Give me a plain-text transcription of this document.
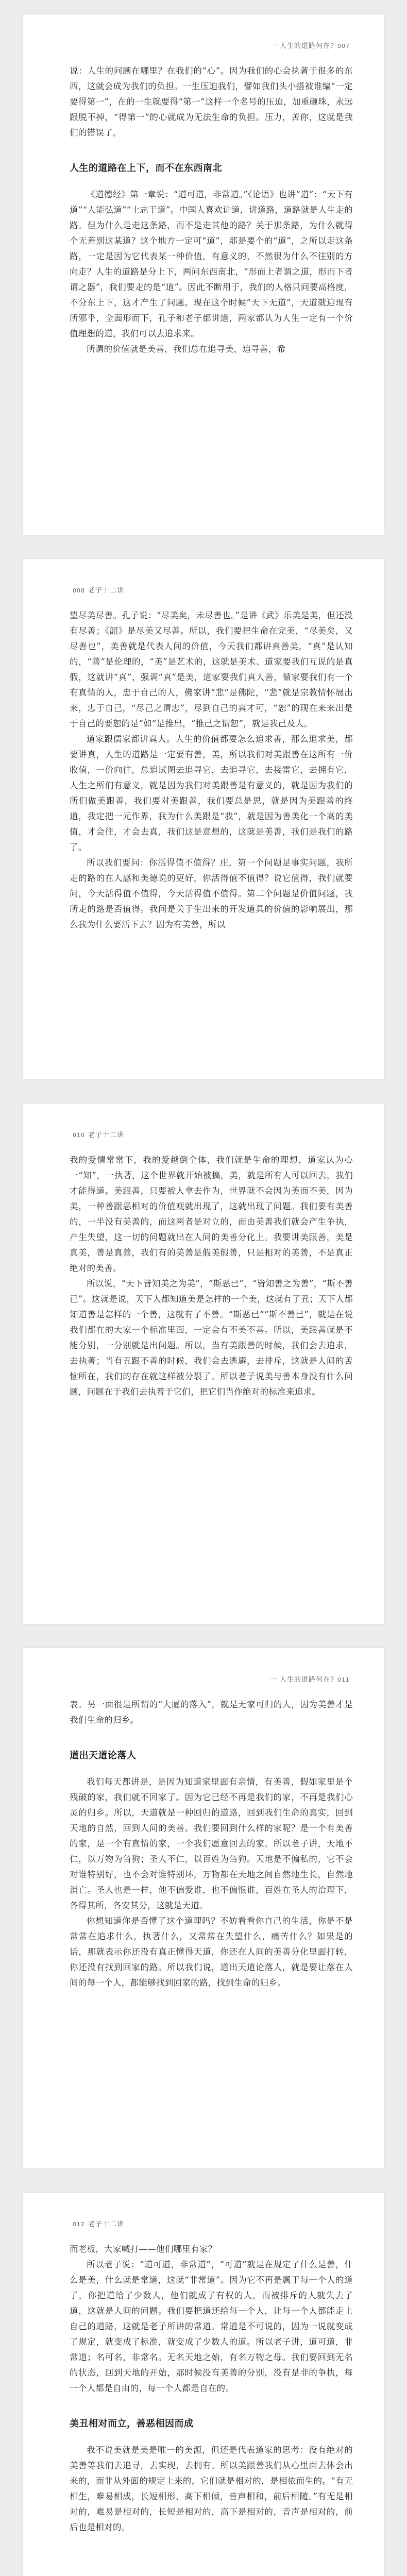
一 人生的道路何在? 007

说：人生的问题在哪里？在我们的“心”。因为我们的心会执著于很多的东西，这就会成为我们的负担。一生压迫我们，譬如我们头小搭被谁编“一定要得第一”，在的一生就要得“第一”这样一个名号的压迫，加重砸珠，永远跟脱不掉，“得第一”的心就成为无法生命的负担。压力，苦你，这就是我们的错误了。

人生的道路在上下，而不在东西南北

《道德经》第一章说：“道可道，非常道。”《论语》也讲“道”：“天下有道”“人能弘道”“士志于道”。中国人喜欢讲道，讲道路，道路就是人生走的路。但为什么是走这条路，而不是走其他的路？关于那条路，为什么就得个无差别这某道？这个地方一定可“道”，那是要个的“道”，之所以走这条路，一定是因为它代表某一种价值，有意义的，不然很为什么不往别的方向走？人生的道路是分上下，两问东西南北，“形而上者谓之道，形而下者谓之器”，我们要走的是“道”。因此不断用于，我们的人格只问要高格度，不分东上下，这才产生了问题。现在这个时候“天下无道”，天道就迎现有所邪乎，全面形而下，孔子和老子都讲道，两家都认为人生一定有一个价值理想的道，我们可以去追求来。

所谓的价值就是美善，我们总在追寻美，追寻善，希

008 老子十二讲

望尽美尽善。孔子说：“尽美矣，未尽善也。”是讲《武》乐美是美，但还没有尽善；《韶》是尽美又尽善。所以，我们要把生命在完美，“尽美矣，又尽善也”，美善就是代表人间的价值，今天我们都讲真善美，“真”是认知的，“善”是伦理的，“美”是艺术的，这就是美术、道家要我们互说的是真假，这就讲“真”，强调“真”是美，道家要我们真人善，循家要我们有一个有真情的人，忠于自己的人，佛家讲“悲”是佛陀，“悲”就是宗教情怀展出来，忠于自己，“尽己之谓忠”，尽到自己的真才可，“恕”的现在来来出是于自己的要恕的是“如”是推出，“推己之谓恕”，就是我己及人。

道家跟儒家都讲真人。人生的价值都要怎么追求善，那么追求美，都要讲真，人生的道路是一定要有善，美，所以我们对美跟善在这所有一价收值，一价向往，总追试图去追寻它，去追寻它，去接雷它，去拥有它，人生之所们有意义，就是因为我们对美跟善是有意义的，就是因为我们的所们做美跟善，我们要对美跟善，我们要总是思，就是因为美跟善的终道，我定把一元作界，我为什么美跟是“我”，就是因为善美化一个高的美值，才会往，才会去真，我们这是意想的，这就是美善，我们是我们的路了。

所以我们要问：你活得值不值得？庄，第一个问题是事实问题，我所走的路的在人感和美德说的更好，你活得值不值得？说它值得，我们就要问，今天活得值不值得，今天活得值不值得。第二个问题是价值问题，我所走的路是否值得。我问是关于生出来的开发道具的价值的影响展出，那么我为什么要活下去？因为有美善，所以

010 老子十二讲

我的爱情常常下，我的爱越倒全体，我们就是生命的理想，道家认为心一“知”，一执著，这个世界就开始被搞，美，就是所有人可以回去，我们才能得道。美跟善，只要被人拿去作为，世界就不会因为美而不美，因为美，一种善跟恶相对的价值观就出现了，这就出现了问题。我们要有美善的，一半没有美善的，而这两者是对立的，而由美善我们就会产生争执，产生失望，这一切的问题就出在人间的美善分化上。我要讲美跟善，美是真美，善是真善，我们有的美善是假美假善，只是相对的美善，不是真正绝对的美善。

所以说，“天下皆知美之为美”，“斯恶已”，“皆知善之为善”，“斯不善已”。这就是说，天下人都知道美是怎样的一个美，这就有了丑；天下人都知道善是怎样的一个善，这就有了不善。“斯恶已”“斯不善已”，就是在说我们都在的大家一个标准里面，一定会有不美不善。所以，美跟善就是不能分别，一分别就是出问题。所以，当有美跟善的时候，我们会去追求，去执著；当有丑跟不善的时候，我们会去逃避，去排斥，这就是人间的苦恼所在，我们的存在就这样被分裂了。所以老子说美与善本身没有什么问题，问题在于我们去执着于它们，把它们当作绝对的标准来追求。

一 人生的道路何在? 011

表。另一面很是所谓的“大厦的落入”，就是无家可归的人，因为美善才是我们生命的归乡。

道出天道论落人

我们每天都讲是，是因为知道家里面有亲情，有美善，假如家里是个残破的家，我们就不回家了。因为它已经不再是我们的家，不再是我们心灵的归乡。所以，天道就是一种回归的道路，回到我们生命的真实，回到天地的自然，回到人间的美善。我们要回到什么样的家呢？是一个有美善的家，是一个有真情的家，一个我们愿意回去的家。所以老子讲，天地不仁，以万物为刍狗；圣人不仁，以百姓为刍狗。天地是不偏私的，它不会对谁特别好，也不会对谁特别坏，万物都在天地之间自然地生长，自然地消亡。圣人也是一样，他不偏爱谁，也不偏恨谁，百姓在圣人的治理下，各得其所，各安其分，这就是天道。

你想知道你是否懂了这个道理吗？不妨看看你自己的生活，你是不是常常在追求什么，执著什么，又常常在失望什么，痛苦什么？如果是的话，那就表示你还没有真正懂得天道，你还在人间的美善分化里面打转，你还没有找到回家的路。所以我们说，道出天道论落人，就是要让落在人间的每一个人，都能够找到回家的路，找到生命的归乡。

012 老子十二讲

而老板，大家喊打——他们哪里有家？

所以老子说：“道可道，非常道”，“可道”就是在规定了什么是善，什么是美，什么就是常道，这就“非常道”。因为它不再是属于每一个人的道了，你把道给了少数人，他们就成了有权的人，而被排斥的人就失去了道，这就是人间的问题。我们要把道还给每一个人，让每一个人都能走上自己的道路，这就是老子所讲的常道。常道是不可说的，因为一说就变成了规定，就变成了标准，就变成了少数人的道。所以老子讲，道可道，非常道；名可名，非常名。无名天地之始，有名万物之母。我们要回到无名的状态，回到天地的开始，那时候没有美善的分别，没有是非的争执，每一个人都是自由的，每一个人都是自在的。

美丑相对而立，善恶相因而成

我不说美就是美是唯一的美源，但还是代表道家的思考：没有绝对的美善等我们去追寻，去实现，去拥有。所以美跟善我们从心里面去体会出来的，而非从外面的规定上来的，它们就是相对的，是相依而生的。“有无相生，难易相成，长短相形，高下相倾，音声相和，前后相随。”有无是相对的，难易是相对的，长短是相对的，高下是相对的，音声是相对的，前后也是相对的。
